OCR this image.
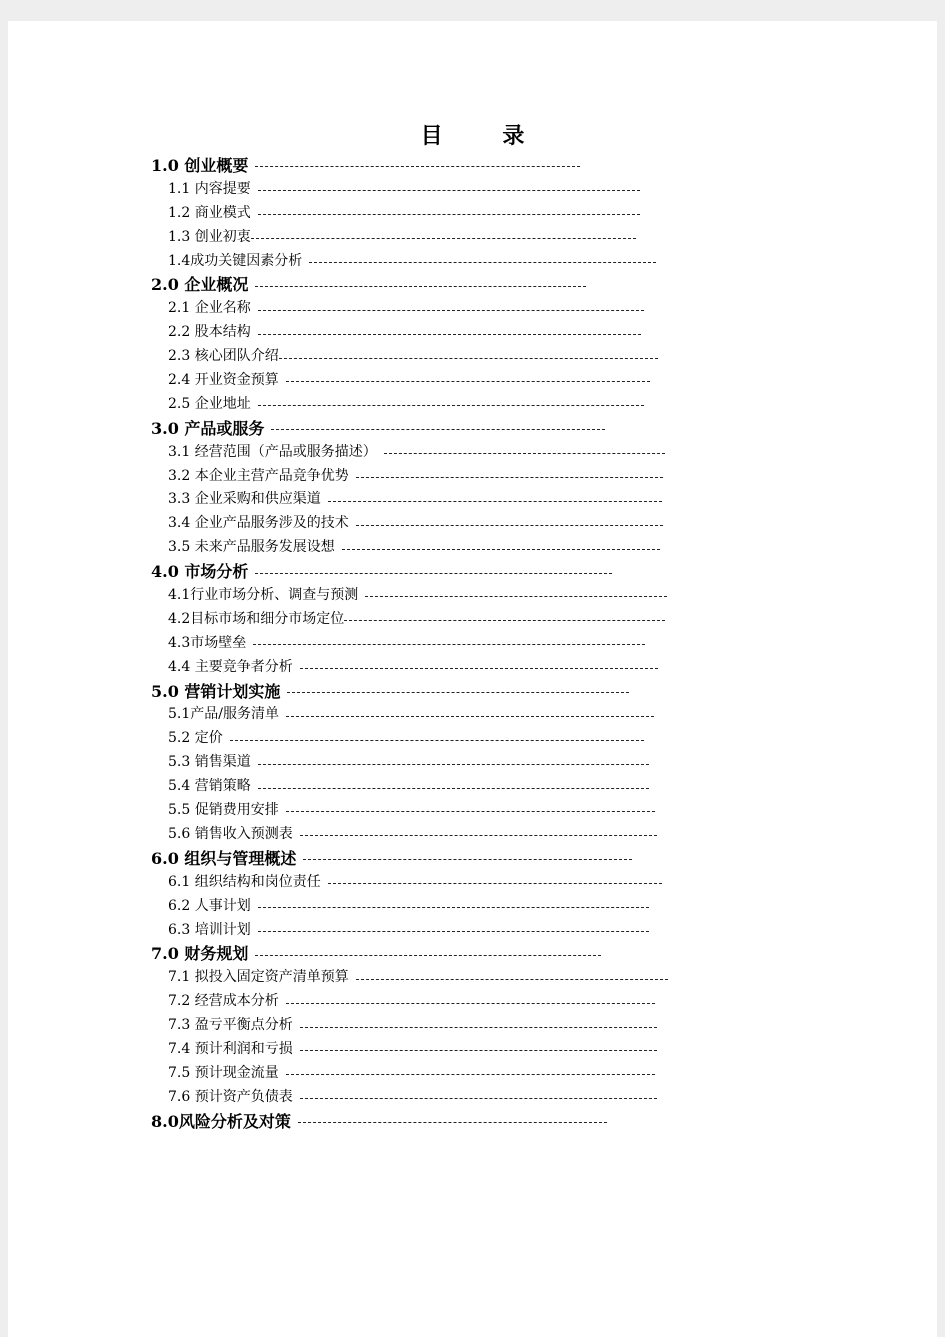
目 录
1.0 创业概要
1.1 内容提要
1.2 商业模式
1.3 创业初衷
1.4成功关键因素分析
2.0 企业概况
2.1 企业名称
2.2 股本结构
2.3 核心团队介绍
2.4 开业资金预算
2.5 企业地址
3.0 产品或服务
3.1 经营范围（产品或服务描述）
3.2 本企业主营产品竞争优势
3.3 企业采购和供应渠道
3.4 企业产品服务涉及的技术
3.5 未来产品服务发展设想
4.0 市场分析
4.1行业市场分析、调查与预测
4.2目标市场和细分市场定位
4.3市场壁垒
4.4 主要竞争者分析
5.0 营销计划实施
5.1产品/服务清单
5.2 定价
5.3 销售渠道
5.4 营销策略
5.5 促销费用安排
5.6 销售收入预测表
6.0 组织与管理概述
6.1 组织结构和岗位责任
6.2 人事计划
6.3 培训计划
7.0 财务规划
7.1 拟投入固定资产清单预算
7.2 经营成本分析
7.3 盈亏平衡点分析
7.4 预计利润和亏损
7.5 预计现金流量
7.6 预计资产负债表
8.0风险分析及对策
